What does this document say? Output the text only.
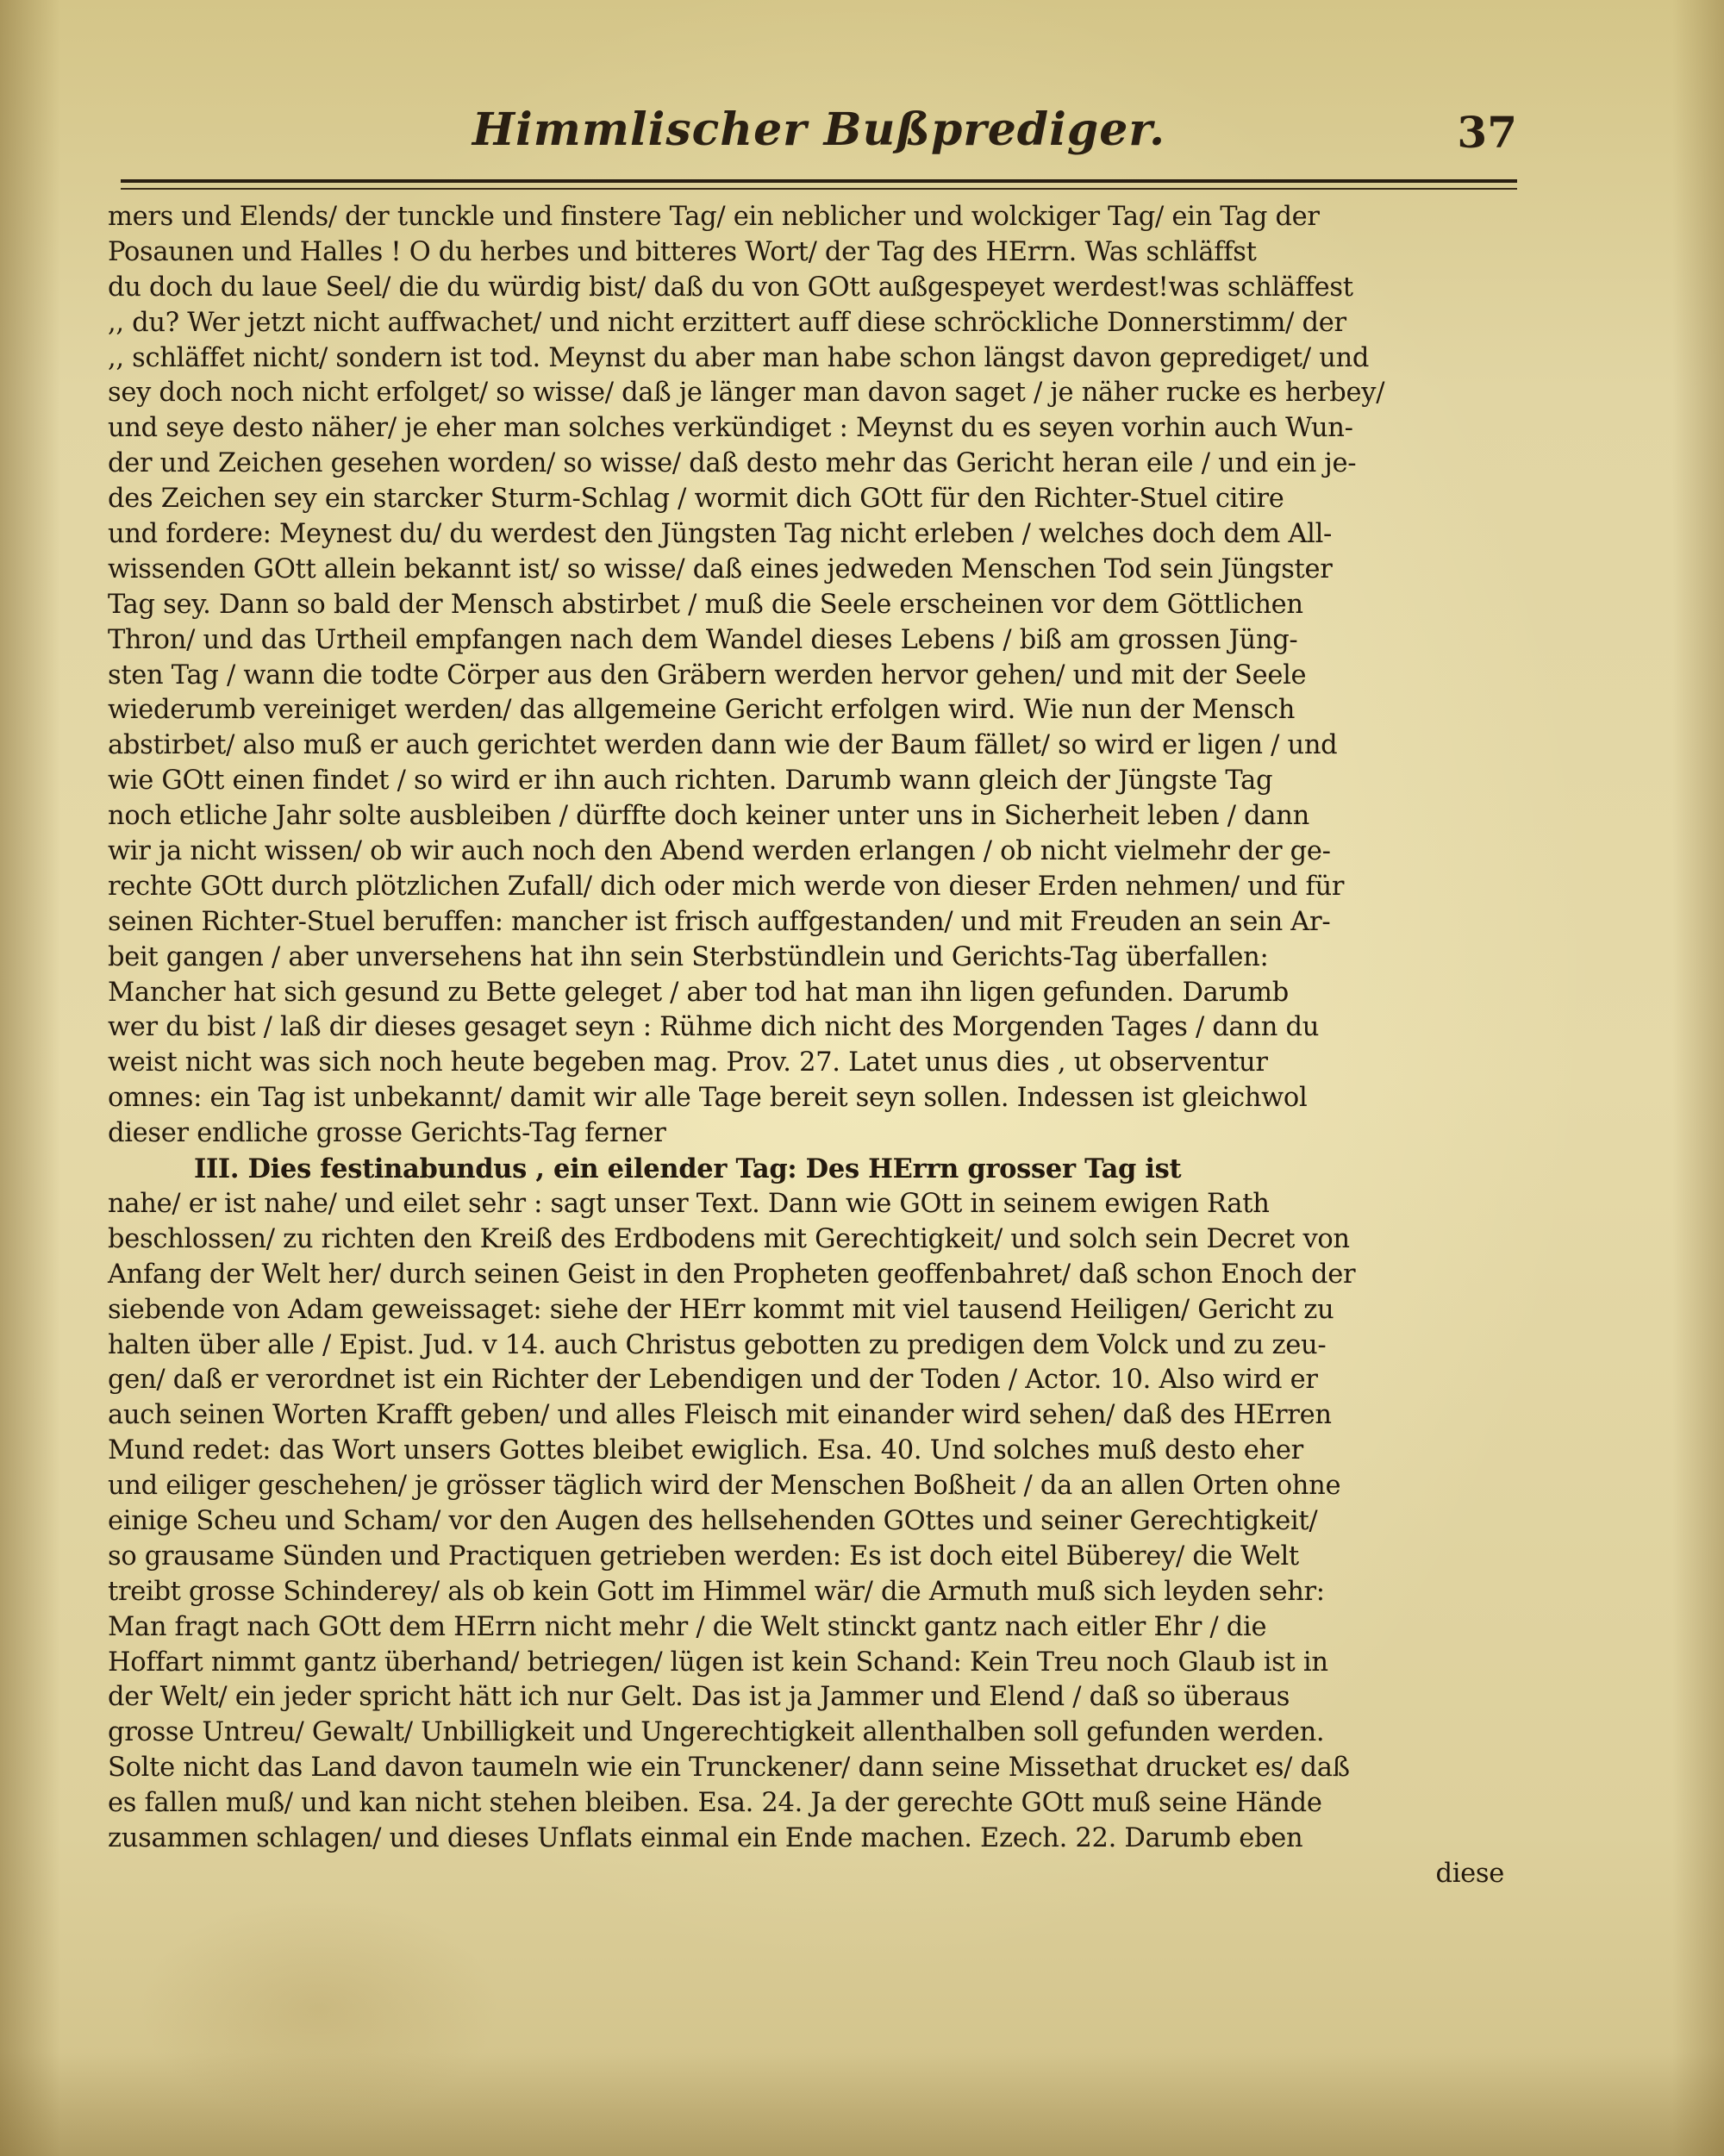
Himmlischer Bußprediger.	37
mers und Elends/ der tunckle und finstere Tag/ ein neblicher und wolckiger Tag/ ein Tag der
Posaunen und Halles ! O du herbes und bitteres Wort/ der Tag des HErrn. Was schläffst
du doch du laue Seel/ die du würdig bist/ daß du von GOtt außgespeyet werdest!was schläffest
,, du? Wer jetzt nicht auffwachet/ und nicht erzittert auff diese schröckliche Donnerstimm/ der
,, schläffet nicht/ sondern ist tod. Meynst du aber man habe schon längst davon geprediget/ und
sey doch noch nicht erfolget/ so wisse/ daß je länger man davon saget / je näher rucke es herbey/
und seye desto näher/ je eher man solches verkündiget : Meynst du es seyen vorhin auch Wun-
der und Zeichen gesehen worden/ so wisse/ daß desto mehr das Gericht heran eile / und ein je-
des Zeichen sey ein starcker Sturm-Schlag / wormit dich GOtt für den Richter-Stuel citire
und fordere: Meynest du/ du werdest den Jüngsten Tag nicht erleben / welches doch dem All-
wissenden GOtt allein bekannt ist/ so wisse/ daß eines jedweden Menschen Tod sein Jüngster
Tag sey. Dann so bald der Mensch abstirbet / muß die Seele erscheinen vor dem Göttlichen
Thron/ und das Urtheil empfangen nach dem Wandel dieses Lebens / biß am grossen Jüng-
sten Tag / wann die todte Cörper aus den Gräbern werden hervor gehen/ und mit der Seele
wiederumb vereiniget werden/ das allgemeine Gericht erfolgen wird. Wie nun der Mensch
abstirbet/ also muß er auch gerichtet werden dann wie der Baum fället/ so wird er ligen / und
wie GOtt einen findet / so wird er ihn auch richten. Darumb wann gleich der Jüngste Tag
noch etliche Jahr solte ausbleiben / dürffte doch keiner unter uns in Sicherheit leben / dann
wir ja nicht wissen/ ob wir auch noch den Abend werden erlangen / ob nicht vielmehr der ge-
rechte GOtt durch plötzlichen Zufall/ dich oder mich werde von dieser Erden nehmen/ und für
seinen Richter-Stuel beruffen: mancher ist frisch auffgestanden/ und mit Freuden an sein Ar-
beit gangen / aber unversehens hat ihn sein Sterbstündlein und Gerichts-Tag überfallen:
Mancher hat sich gesund zu Bette geleget / aber tod hat man ihn ligen gefunden. Darumb
wer du bist / laß dir dieses gesaget seyn : Rühme dich nicht des Morgenden Tages / dann du
weist nicht was sich noch heute begeben mag. Prov. 27. Latet unus dies , ut observentur
omnes: ein Tag ist unbekannt/ damit wir alle Tage bereit seyn sollen. Indessen ist gleichwol
dieser endliche grosse Gerichts-Tag ferner
III. Dies festinabundus , ein eilender Tag: Des HErrn grosser Tag ist
nahe/ er ist nahe/ und eilet sehr : sagt unser Text. Dann wie GOtt in seinem ewigen Rath
beschlossen/ zu richten den Kreiß des Erdbodens mit Gerechtigkeit/ und solch sein Decret von
Anfang der Welt her/ durch seinen Geist in den Propheten geoffenbahret/ daß schon Enoch der
siebende von Adam geweissaget: siehe der HErr kommt mit viel tausend Heiligen/ Gericht zu
halten über alle / Epist. Jud. v 14. auch Christus gebotten zu predigen dem Volck und zu zeu-
gen/ daß er verordnet ist ein Richter der Lebendigen und der Toden / Actor. 10. Also wird er
auch seinen Worten Krafft geben/ und alles Fleisch mit einander wird sehen/ daß des HErren
Mund redet: das Wort unsers Gottes bleibet ewiglich. Esa. 40. Und solches muß desto eher
und eiliger geschehen/ je grösser täglich wird der Menschen Boßheit / da an allen Orten ohne
einige Scheu und Scham/ vor den Augen des hellsehenden GOttes und seiner Gerechtigkeit/
so grausame Sünden und Practiquen getrieben werden: Es ist doch eitel Büberey/ die Welt
treibt grosse Schinderey/ als ob kein Gott im Himmel wär/ die Armuth muß sich leyden sehr:
Man fragt nach GOtt dem HErrn nicht mehr / die Welt stinckt gantz nach eitler Ehr / die
Hoffart nimmt gantz überhand/ betriegen/ lügen ist kein Schand: Kein Treu noch Glaub ist in
der Welt/ ein jeder spricht hätt ich nur Gelt. Das ist ja Jammer und Elend / daß so überaus
grosse Untreu/ Gewalt/ Unbilligkeit und Ungerechtigkeit allenthalben soll gefunden werden.
Solte nicht das Land davon taumeln wie ein Trunckener/ dann seine Missethat drucket es/ daß
es fallen muß/ und kan nicht stehen bleiben. Esa. 24. Ja der gerechte GOtt muß seine Hände
zusammen schlagen/ und dieses Unflats einmal ein Ende machen. Ezech. 22. Darumb eben
diese
